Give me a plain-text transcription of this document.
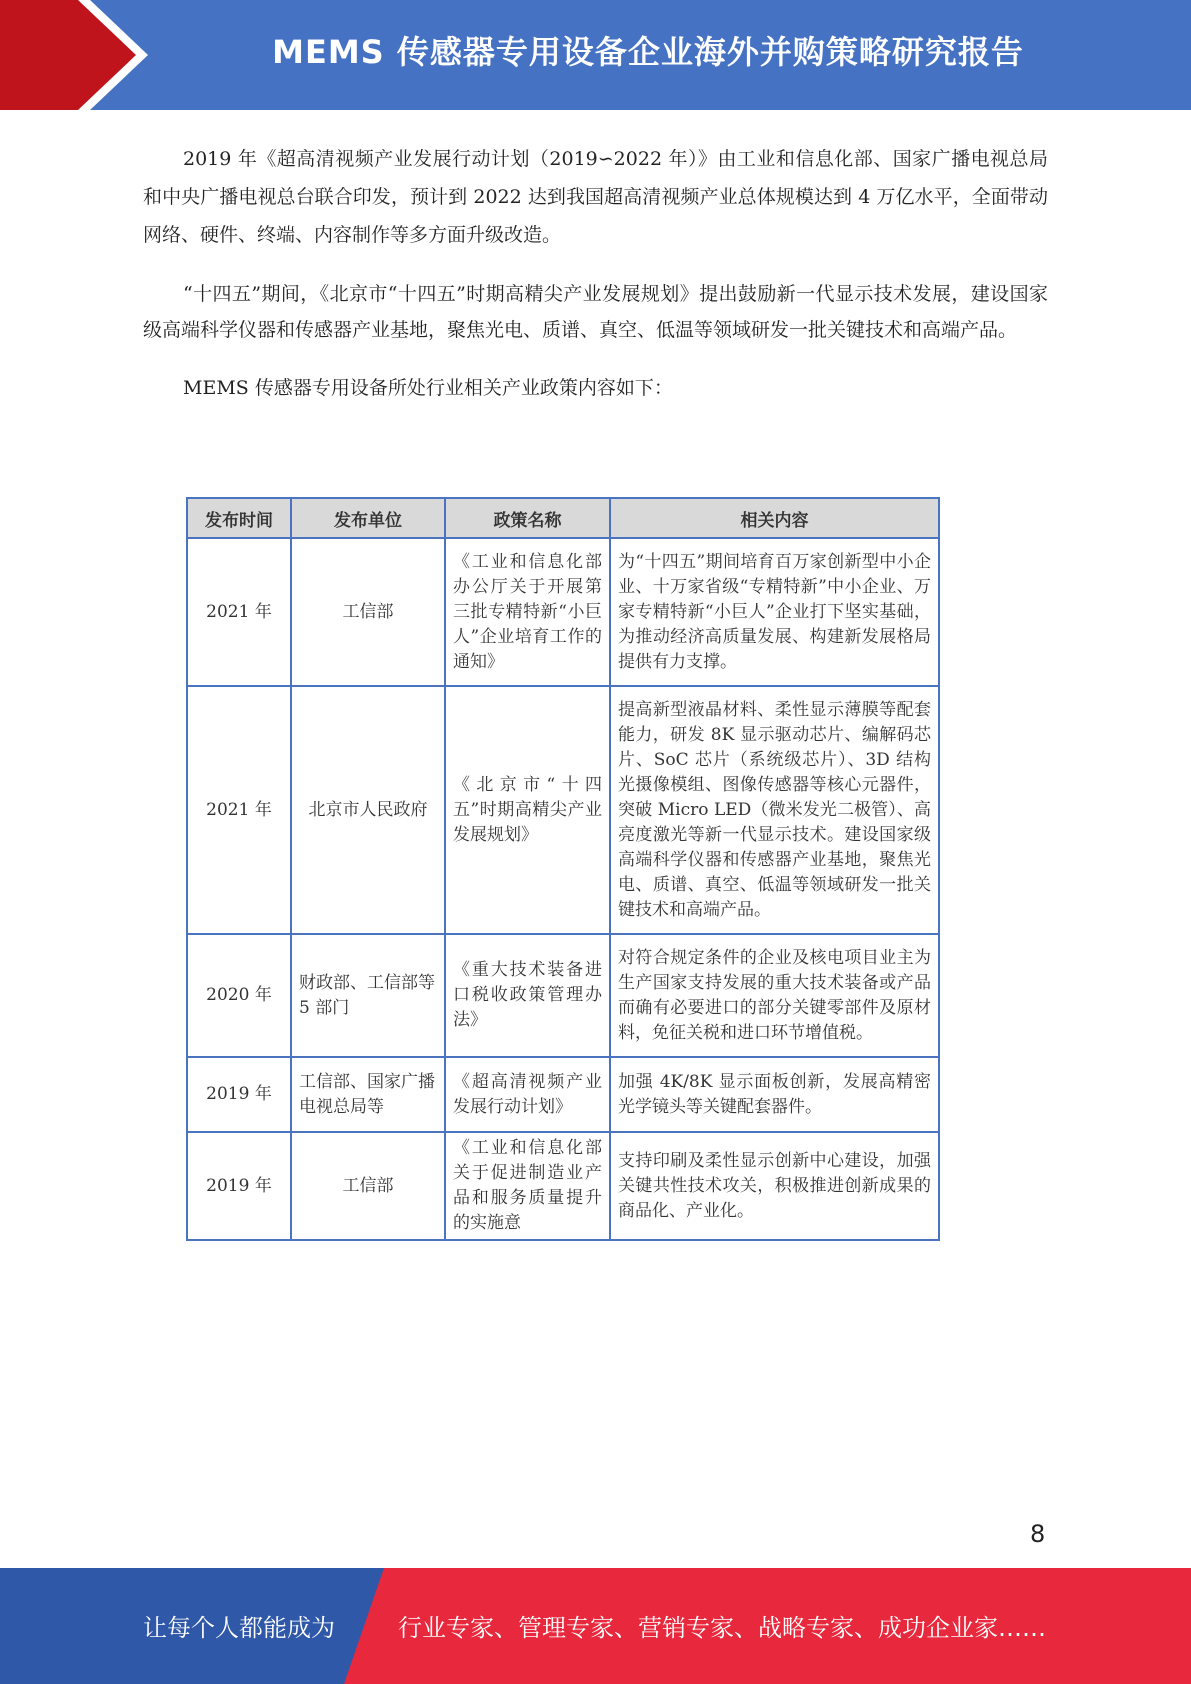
MEMS 传感器专用设备企业海外并购策略研究报告

2019 年《超高清视频产业发展行动计划（2019∽2022 年）》由工业和信息化部、国家广播电视总局和中央广播电视总台联合印发，预计到 2022 达到我国超高清视频产业总体规模达到 4 万亿水平，全面带动网络、硬件、终端、内容制作等多方面升级改造。

“十四五”期间，《北京市“十四五”时期高精尖产业发展规划》提出鼓励新一代显示技术发展，建设国家级高端科学仪器和传感器产业基地，聚焦光电、质谱、真空、低温等领域研发一批关键技术和高端产品。

MEMS 传感器专用设备所处行业相关产业政策内容如下：

发布时间	发布单位	政策名称	相关内容
2021 年	工信部	《工业和信息化部办公厅关于开展第三批专精特新“小巨人”企业培育工作的通知》	为“十四五”期间培育百万家创新型中小企业、十万家省级“专精特新”中小企业、万家专精特新“小巨人”企业打下坚实基础，为推动经济高质量发展、构建新发展格局提供有力支撑。
2021 年	北京市人民政府	《北京市“十四五”时期高精尖产业发展规划》	提高新型液晶材料、柔性显示薄膜等配套能力，研发 8K 显示驱动芯片、编解码芯片、SoC 芯片（系统级芯片）、3D 结构光摄像模组、图像传感器等核心元器件，突破 Micro LED（微米发光二极管）、高亮度激光等新一代显示技术。建设国家级高端科学仪器和传感器产业基地，聚焦光电、质谱、真空、低温等领域研发一批关键技术和高端产品。
2020 年	财政部、工信部等 5 部门	《重大技术装备进口税收政策管理办法》	对符合规定条件的企业及核电项目业主为生产国家支持发展的重大技术装备或产品而确有必要进口的部分关键零部件及原材料，免征关税和进口环节增值税。
2019 年	工信部、国家广播电视总局等	《超高清视频产业发展行动计划》	加强 4K/8K 显示面板创新，发展高精密光学镜头等关键配套器件。
2019 年	工信部	《工业和信息化部关于促进制造业产品和服务质量提升的实施意	支持印刷及柔性显示创新中心建设，加强关键共性技术攻关，积极推进创新成果的商品化、产业化。
8
让每个人都能成为	行业专家、管理专家、营销专家、战略专家、成功企业家……
